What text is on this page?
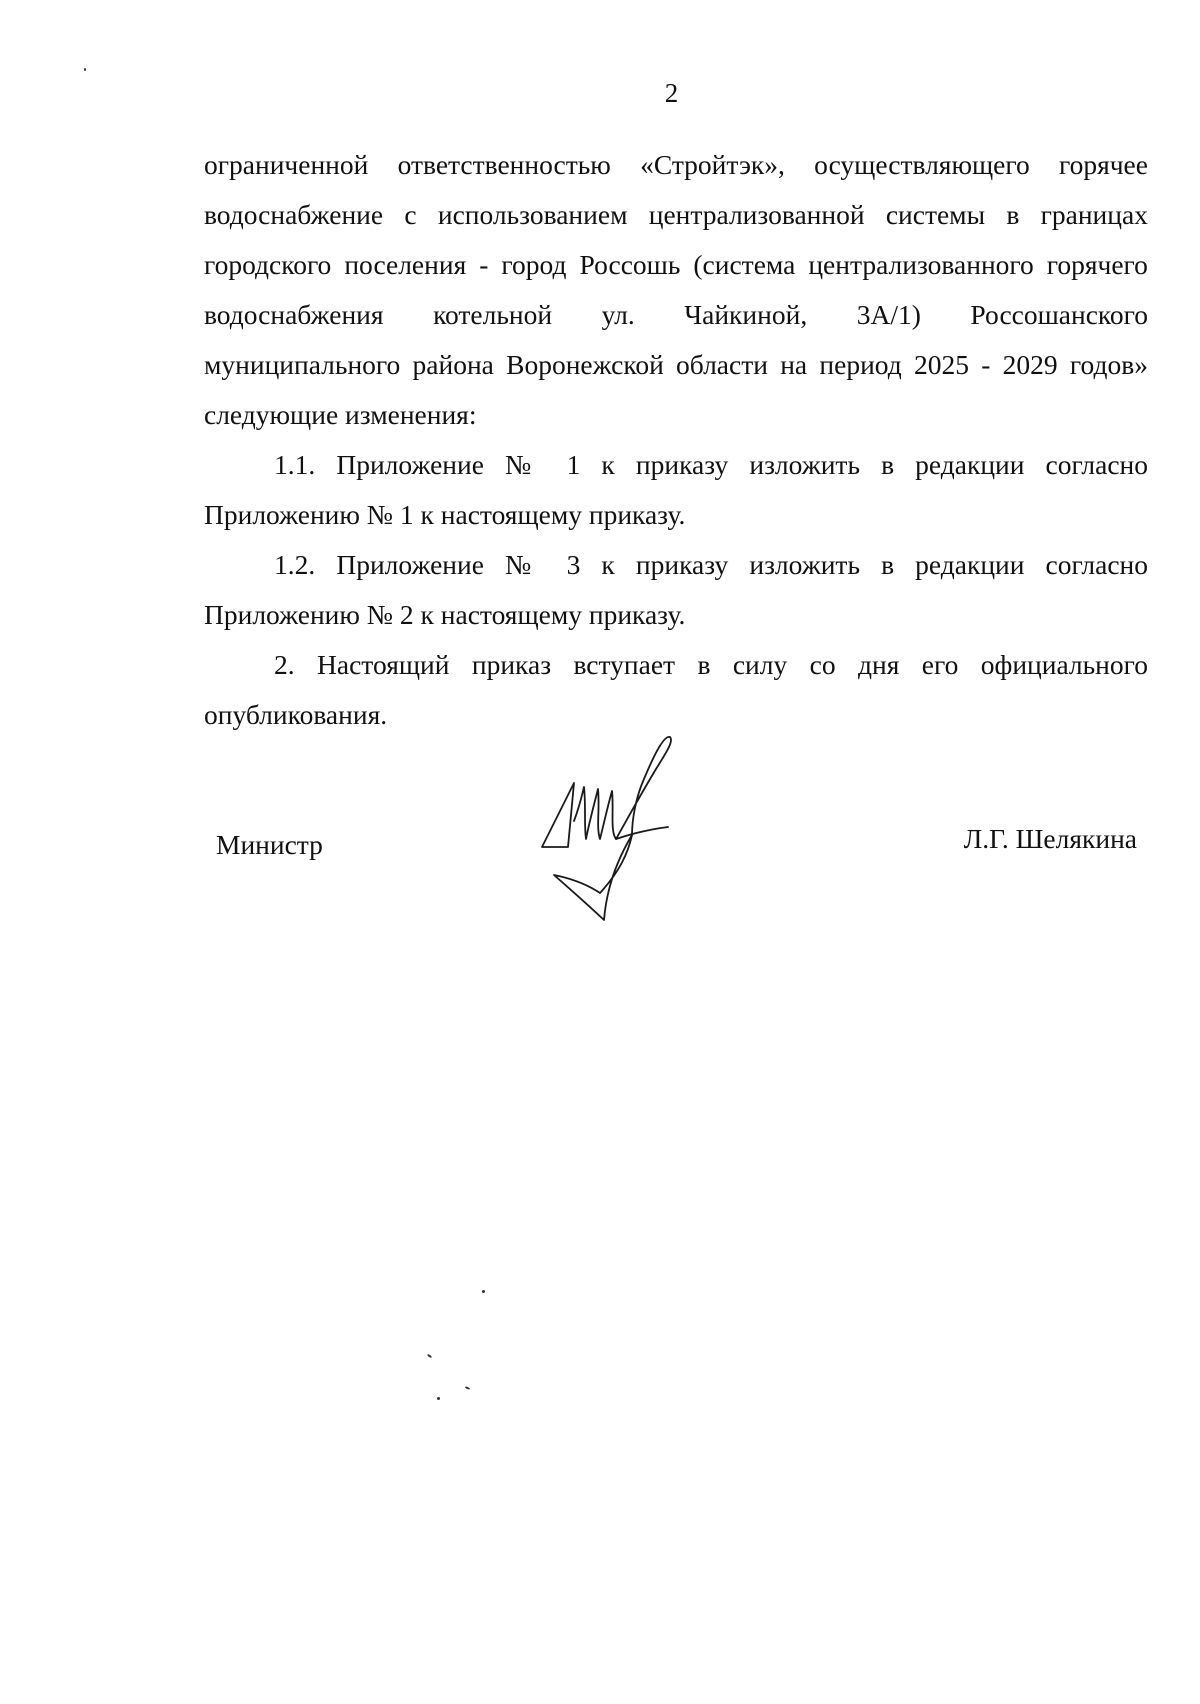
2
ограниченной ответственностью «Стройтэк», осуществляющего горячее
водоснабжение с использованием централизованной системы в границах
городского поселения - город Россошь (система централизованного горячего
водоснабжения котельной ул. Чайкиной, 3А/1) Россошанского
муниципального района Воронежской области на период 2025 - 2029 годов»

следующие изменения:

1.1. Приложение № 1 к приказу изложить в редакции согласно Приложению № 1 к настоящему приказу.

1.2. Приложение № 3 к приказу изложить в редакции согласно Приложению № 2 к настоящему приказу.

2. Настоящий приказ вступает в силу со дня его официального опубликования.

Министр	Л.Г. Шелякина
